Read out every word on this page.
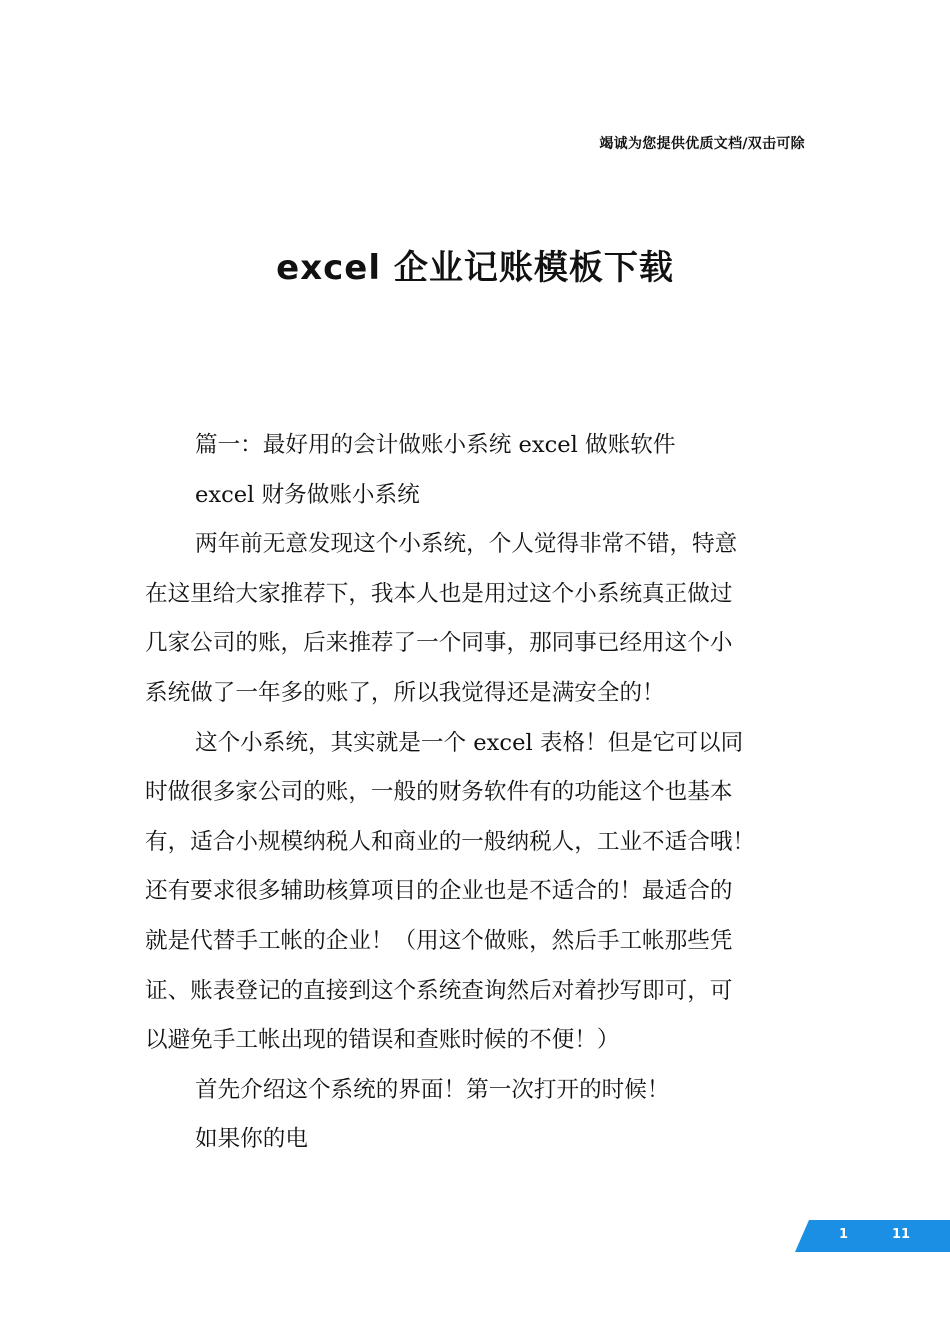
竭诚为您提供优质文档/双击可除
excel 企业记账模板下载

篇一：最好用的会计做账小系统 excel 做账软件

excel 财务做账小系统

两年前无意发现这个小系统，个人觉得非常不错，特意

在这里给大家推荐下，我本人也是用过这个小系统真正做过

几家公司的账，后来推荐了一个同事，那同事已经用这个小

系统做了一年多的账了，所以我觉得还是满安全的！

这个小系统，其实就是一个 excel 表格！但是它可以同

时做很多家公司的账，一般的财务软件有的功能这个也基本

有，适合小规模纳税人和商业的一般纳税人，工业不适合哦！

还有要求很多辅助核算项目的企业也是不适合的！最适合的

就是代替手工帐的企业！（用这个做账，然后手工帐那些凭

证、账表登记的直接到这个系统查询然后对着抄写即可，可

以避免手工帐出现的错误和查账时候的不便！）

首先介绍这个系统的界面！第一次打开的时候！

如果你的电

1	11
